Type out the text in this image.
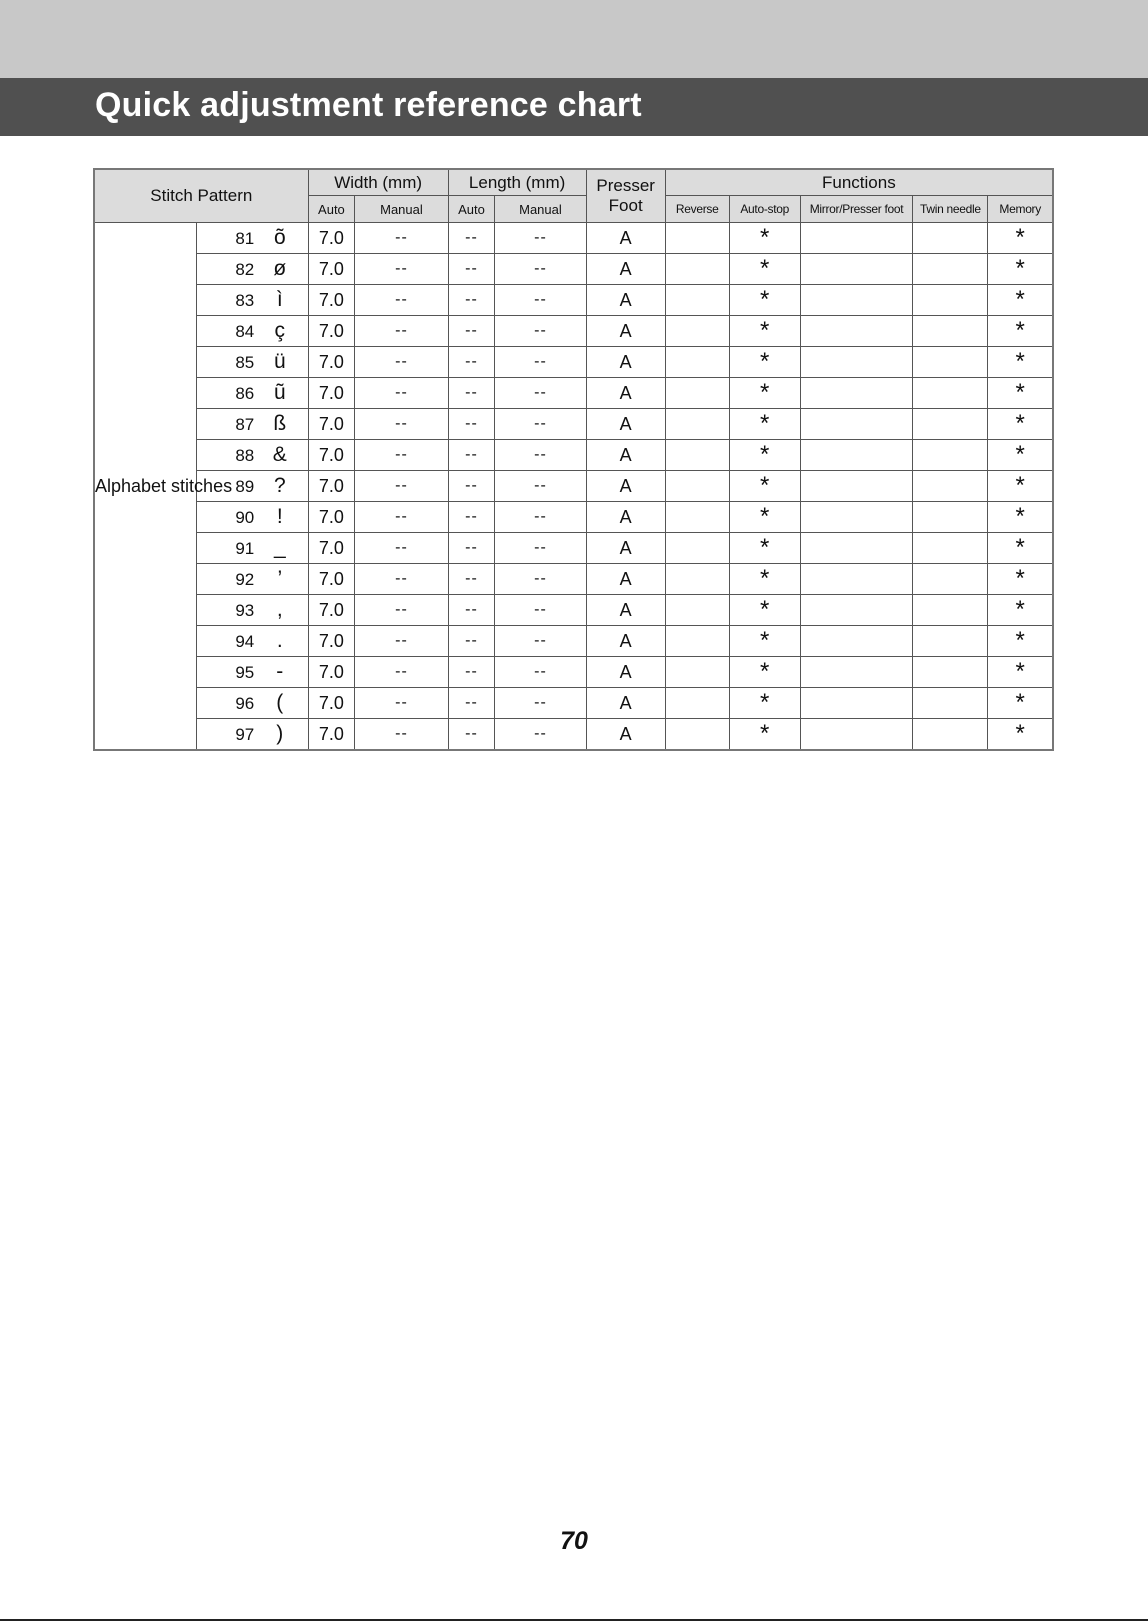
Quick adjustment reference chart
Stitch Pattern		Width (mm)		Length (mm)		Presser Foot	Functions				
		Auto	Manual	Auto	Manual		Reverse	Auto-stop	Mirror/Presser foot	Twin needle	Memory
Alphabet stitches	81 õ	7.0	--	--	--	A		*			*
	82 ø	7.0	--	--	--	A		*			*
	83 ì	7.0	--	--	--	A		*			*
	84 ç	7.0	--	--	--	A		*			*
	85 ü	7.0	--	--	--	A		*			*
	86 ũ	7.0	--	--	--	A		*			*
	87 ß	7.0	--	--	--	A		*			*
	88 &	7.0	--	--	--	A		*			*
	89 ?	7.0	--	--	--	A		*			*
	90 !	7.0	--	--	--	A		*			*
	91 _	7.0	--	--	--	A		*			*
	92 ’	7.0	--	--	--	A		*			*
	93 ,	7.0	--	--	--	A		*			*
	94 .	7.0	--	--	--	A		*			*
	95 -	7.0	--	--	--	A		*			*
	96 (	7.0	--	--	--	A		*			*
	97 )	7.0	--	--	--	A		*			*
70
